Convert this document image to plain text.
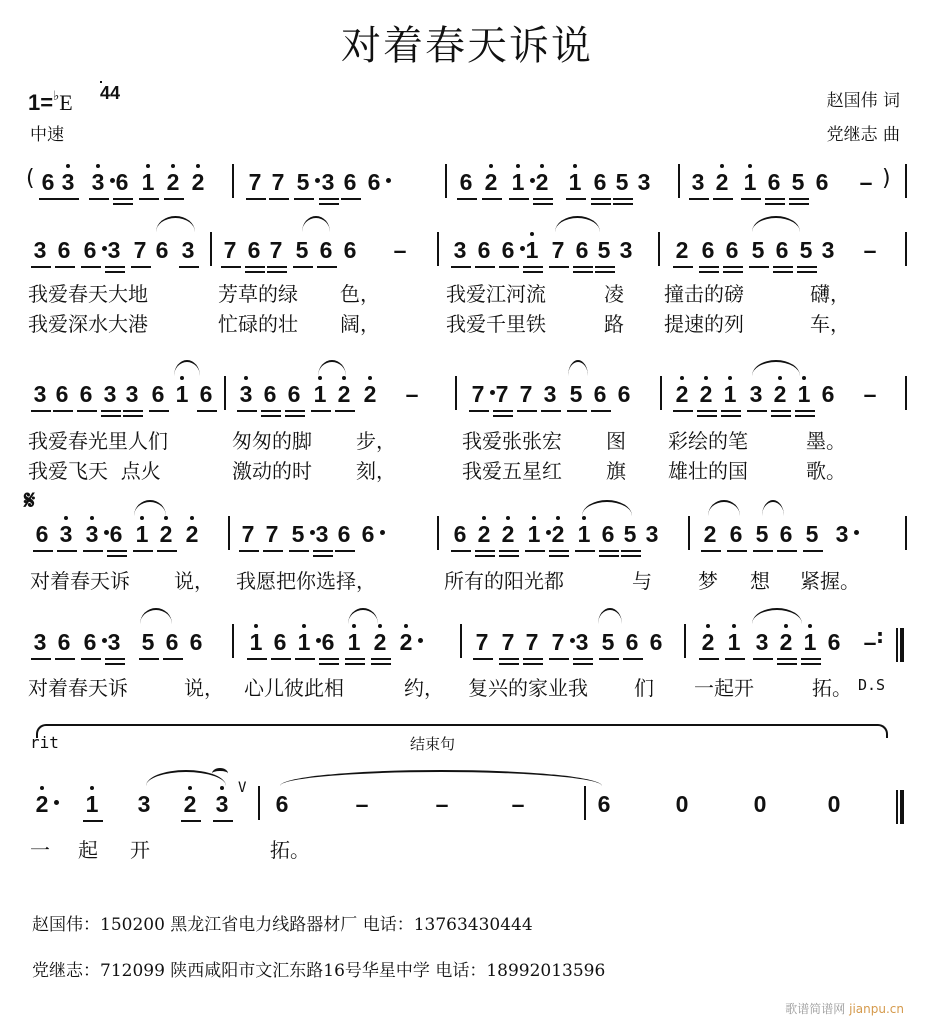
对着春天诉说
1=♭E 4
4
中速
赵国伟 词
党继志 曲
6 3 3 6 1 2 2 7 7 5 3 6 6	6 2 1 2 1 6 5 3 3 2 1 6 5 6 –
(	)
3 6 6 3 7 6 3 7 6 7 5 6 6 – 3 6 6 1 7 6 5 3 2 6 6 5 6 5 3 –
3 6 6 3 3 6 1 6 3 6 6 1 2 2 – 7 7 7 3 5 6 6 2 2 1 3 2 1 6 –
6 3 3 6 1 2 2 7 7 5 3 6 6	6 2 2 1 2 1 6 5 3 2 6 5 6 5 3
3 6 6 3 5 6 6 1 6 1 6 1 2 2	7 7 7 7 3 5 6 6 2 1 3 2 1 6 –
2 1 3 2 3 6	–	–	–	6	0	0	0
我爱春天大地	芳草的绿 色，	我爱江河流	凌 撞击的磅	礴，
我爱深水大港	忙碌的壮 阔，	我爱千里铁	路 提速的列	车，
我爱春光里人们	匆匆的脚 步，	我爱张张宏 图 彩绘的笔	墨。
我爱飞天  点火	激动的时 刻，	我爱五星红 旗 雄壮的国	歌。
对着春天诉 说， 我愿把你选择，	所有的阳光都	与 梦 想 紧握。
对着春天诉	说， 心儿彼此相	约， 复兴的家业我 们 一起开	拓。
一 起 开	拓。
𝄋
D.S
rit	结束句
V
:
赵国伟：150200 黑龙江省电力线路器材厂 电话：13763430444
党继志：712099 陕西咸阳市文汇东路16号华星中学 电话：18992013596
歌谱简谱网 jianpu.cn
